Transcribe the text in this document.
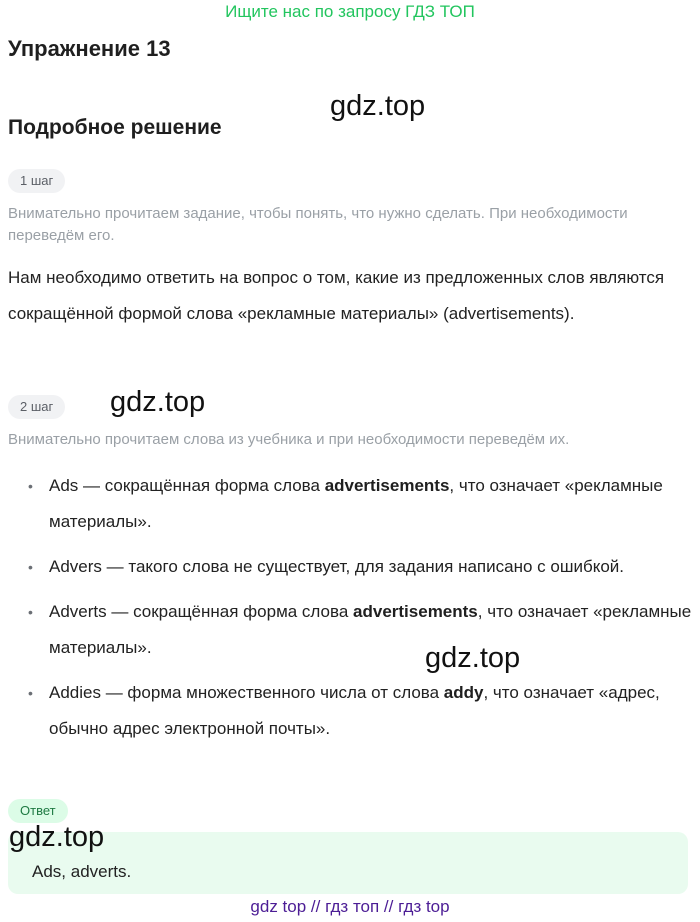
Ищите нас по запросу ГДЗ ТОП
Упражнение 13
gdz.top
Подробное решение
1 шаг
Внимательно прочитаем задание, чтобы понять, что нужно сделать. При необходимости переведём его.
Нам необходимо ответить на вопрос о том, какие из предложенных слов являются сокращённой формой слова «рекламные материалы» (advertisements).
2 шаг	gdz.top
Внимательно прочитаем слова из учебника и при необходимости переведём их.
• Ads — сокращённая форма слова advertisements, что означает «рекламные материалы».
• Advers — такого слова не существует, для задания написано с ошибкой.
• Adverts — сокращённая форма слова advertisements, что означает «рекламные материалы».
• Addies — форма множественного числа от слова addy, что означает «адрес, обычно адрес электронной почты».
gdz.top
Ответ
Ads, adverts.
gdz.top
gdz top // гдз топ // гдз top
